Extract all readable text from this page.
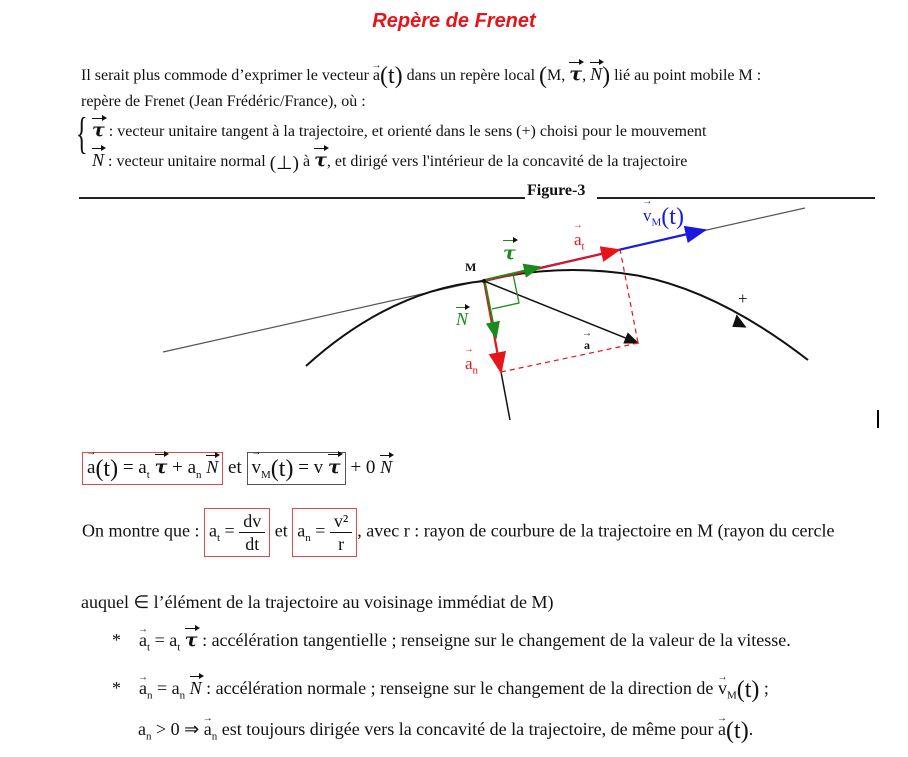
Repère de Frenet
Il serait plus commode d’exprimer le vecteur → a(t) dans un repère local (M, τ, N) lié au point mobile M :
repère de Frenet (Jean Frédéric/France), où :
{ τ : vecteur unitaire tangent à la trajectoire, et orienté dans le sens (+) choisi pour le mouvement
N : vecteur unitaire normal (⊥) à τ, et dirigé vers l'intérieur de la concavité de la trajectoire
Figure-3
M
τ
N
→ $v_M(t)$
→ $a_t$
→ $a_n$
→ a
+
→ $a(t) = a_t$ $\tau + a_n$ N et → $v_M(t) = v$ τ + 0 N
On montre que : $a_t = \frac{dv}{dt}$ et $a_n = \frac{\text{v²}}{r}$ , avec r : rayon de courbure de la trajectoire en M (rayon du cercle
auquel ∈ l’élément de la trajectoire au voisinage immédiat de M)
* → $a_t = a_t$ τ : accélération tangentielle ; renseigne sur le changement de la valeur de la vitesse.
* → $a_n = a_n$ N : accélération normale ; renseigne sur le changement de la direction de → $v_M(t)$ ;
$a_n > 0$ ⇒ → $a_n$ est toujours dirigée vers la concavité de la trajectoire, de même pour → a(t).
